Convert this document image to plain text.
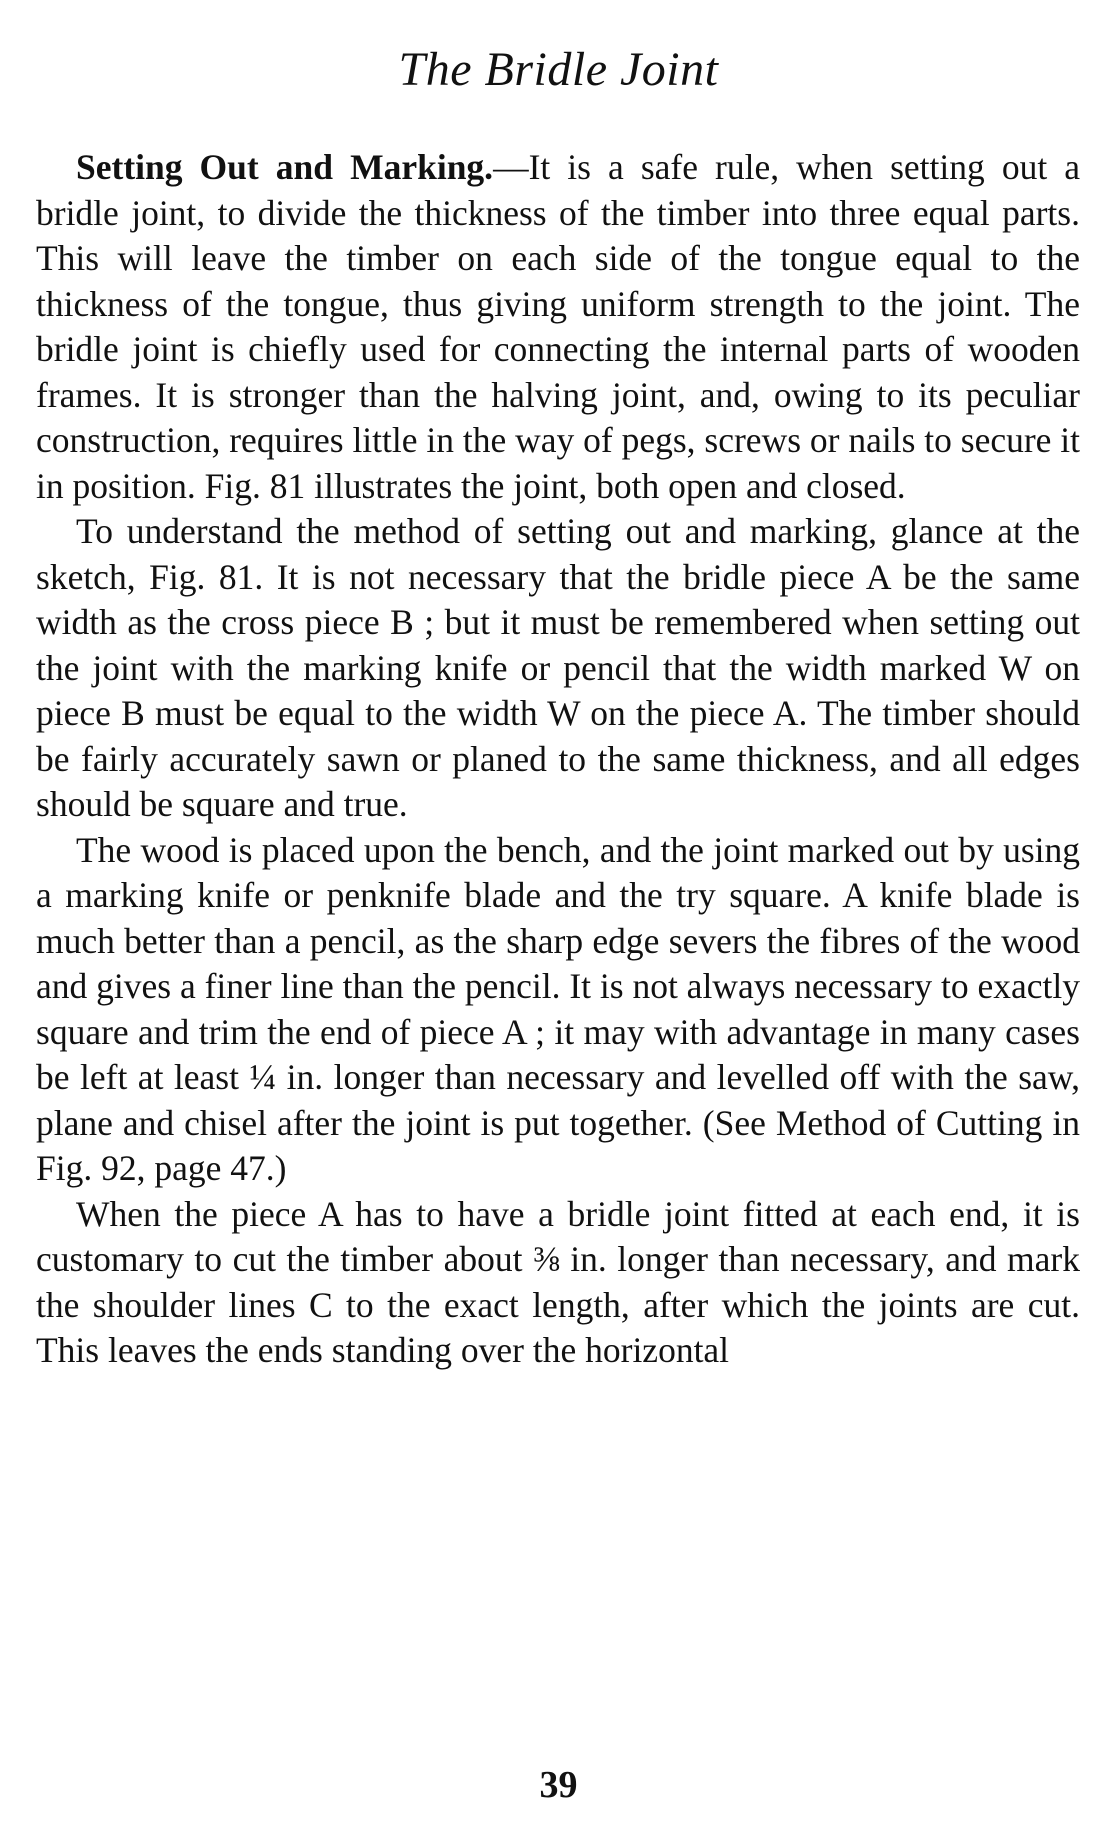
The Bridle Joint

Setting Out and Marking.—It is a safe rule, when setting out a bridle joint, to divide the thickness of the timber into three equal parts. This will leave the timber on each side of the tongue equal to the thickness of the tongue, thus giving uniform strength to the joint. The bridle joint is chiefly used for connecting the internal parts of wooden frames. It is stronger than the halving joint, and, owing to its peculiar construction, requires little in the way of pegs, screws or nails to secure it in position. Fig. 81 illustrates the joint, both open and closed.

To understand the method of setting out and marking, glance at the sketch, Fig. 81. It is not necessary that the bridle piece A be the same width as the cross piece B ; but it must be remembered when setting out the joint with the marking knife or pencil that the width marked W on piece B must be equal to the width W on the piece A. The timber should be fairly accurately sawn or planed to the same thickness, and all edges should be square and true.

The wood is placed upon the bench, and the joint marked out by using a marking knife or penknife blade and the try square. A knife blade is much better than a pencil, as the sharp edge severs the fibres of the wood and gives a finer line than the pencil. It is not always necessary to exactly square and trim the end of piece A ; it may with advantage in many cases be left at least ¼ in. longer than necessary and levelled off with the saw, plane and chisel after the joint is put together. (See Method of Cutting in Fig. 92, page 47.)

When the piece A has to have a bridle joint fitted at each end, it is customary to cut the timber about ⅜ in. longer than necessary, and mark the shoulder lines C to the exact length, after which the joints are cut. This leaves the ends standing over the horizontal

39
